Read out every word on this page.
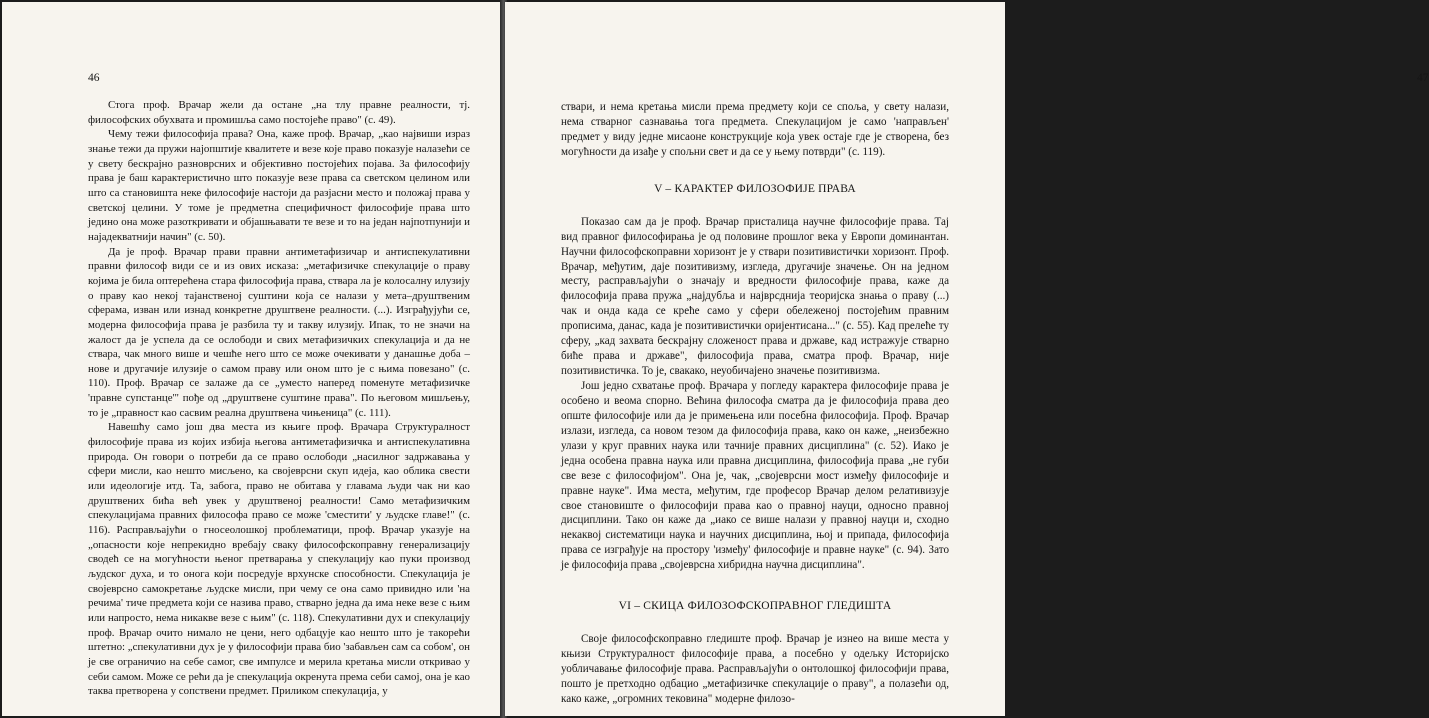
46

Стога проф. Врачар жели да остане „на тлу правне реалности, тј. философских обухвата и промишља само постојеће право" (с. 49).

Чему тежи философија права? Она, каже проф. Врачар, „као највиши израз знање тежи да пружи најопштије квалитете и везе које право показује налазећи се у свету бескрајно разноврсних и објективно постојећих појава. За философију права је баш карактеристично што показује везе права са светском целином или што са становишта неке философије настоји да разјасни место и положај права у светској целини. У томе је предметна специфичност философије права што једино она може разоткривати и објашњавати те везе и то на један најпотпунији и најадекватнији начин" (с. 50).

Да је проф. Врачар прави правни антиметафизичар и антиспекулативни правни философ види се и из ових исказа: „метафизичке спекулације о праву којима је била оптерећена стара философија права, ствара ла је колосалну илузију о праву као некој тајанственој суштини која се налази у мета–друштвеним сферама, изван или изнад конкретне друштвене реалности. (...). Изграђујући се, модерна философија права је разбила ту и такву илузију. Ипак, то не значи на жалост да је успела да се ослободи и свих метафизичких спекулација и да не ствара, чак много више и чешће него што се може очекивати у данашње доба – нове и другачије илузије о самом праву или оном што је с њима повезано" (с. 110). Проф. Врачар се залаже да се „уместо наперед поменуте метафизичке 'правне супстанце'" пође од „друштвене суштине права". По његовом мишљењу, то је „правност као сасвим реална друштвена чињеница" (с. 111).

Навешћу само још два места из књиге проф. Врачара Структуралност философије права из којих избија његова антиметафизичка и антиспекулативна природа. Он говори о потреби да се право ослободи „насилног задржавања у сфери мисли, као нешто мисљено, ка својеврсни скуп идеја, као облика свести или идеологије итд. Та, забога, право не обитава у главама људи чак ни као друштвених бића већ увек у друштвеној реалности! Само метафизичким спекулацијама правних философа право се може 'сместити' у људске главе!" (с. 116). Расправљајући о гносеолошкој проблематици, проф. Врачар указује на „опасности које непрекидно вребају сваку философскоправну генерализацију сводећ се на могућности њеног претварања у спекулацију као пуки производ људског духа, и то онога који посредује врхунске способности. Спекулација је својеврсно самокретање људске мисли, при чему се она само привидно или 'на речима' тиче предмета који се назива право, стварно једна да има неке везе с њим или напросто, нема никакве везе с њим" (с. 118). Спекулативни дух и спекулацију проф. Врачар очито нимало не цени, него одбацује као нешто што је такорећи штетно: „спекулативни дух је у философији права био 'забављен сам са собом', он је све ограничио на себе самог, све импулсе и мерила кретања мисли откривао у себи самом. Може се рећи да је спекулација окренута према себи самој, она је као таква претворена у сопствени предмет. Приликом спекулација, у

47

ствари, и нема кретања мисли према предмету који се споља, у свету налази, нема стварног сазнавања тога предмета. Спекулацијом је само 'направљен' предмет у виду једне мисаоне конструкције која увек остаје где је створена, без могућности да изађе у спољни свет и да се у њему потврди" (с. 119).

V – КАРАКТЕР ФИЛОЗОФИЈЕ ПРАВА

Показао сам да је проф. Врачар присталица научне философије права. Тај вид правног философирања је од половине прошлог века у Европи доминантан. Научни философскоправни хоризонт је у ствари позитивистички хоризонт. Проф. Врачар, међутим, даје позитивизму, изгледа, другачије значење. Он на једном месту, расправљајући о значају и вредности философије права, каже да философија права пружа „најдубља и најврсднија теоријска знања о праву (...) чак и онда када се креће само у сфери обележеној постојећим правним прописима, данас, када је позитивистички оријентисана..." (с. 55). Кад прелеће ту сферу, „кад захвата бескрајну сложеност права и државе, кад истражује стварно биће права и државе", философија права, сматра проф. Врачар, није позитивистичка. То је, свакако, неуобичајено значење позитивизма.

Још једно схватање проф. Врачара у погледу карактера философије права је особено и веома спорно. Већина философа сматра да је философија права део опште философије или да је примењена или посебна философија. Проф. Врачар излази, изгледа, са новом тезом да философија права, како он каже, „неизбежно улази у круг правних наука или тачније правних дисциплина" (с. 52). Иако је једна особена правна наука или правна дисциплина, философија права „не губи све везе с философијом". Она је, чак, „својеврсни мост између философије и правне науке". Има места, међутим, где професор Врачар делом релативизује свое становиште о философији права као о правној науци, односно правној дисциплини. Тако он каже да „иако се више налази у правној науци и, сходно некаквој систематици наука и научних дисциплина, њој и припада, философија права се изграђује на простору 'између' философије и правне науке" (с. 94). Зато је философија права „својеврсна хибридна научна дисциплина".

VI – СКИЦА ФИЛОЗОФСКОПРАВНОГ ГЛЕДИШТА

Своје философскоправно гледиште проф. Врачар је изнео на више места у књизи Структуралност философије права, а посебно у одељку Историјско уобличавање философије права. Расправљајући о онтолошкој философији права, пошто је претходно одбацио „метафизичке спекулације о праву", а полазећи од, како каже, „огромних тековина" модерне филозо-
